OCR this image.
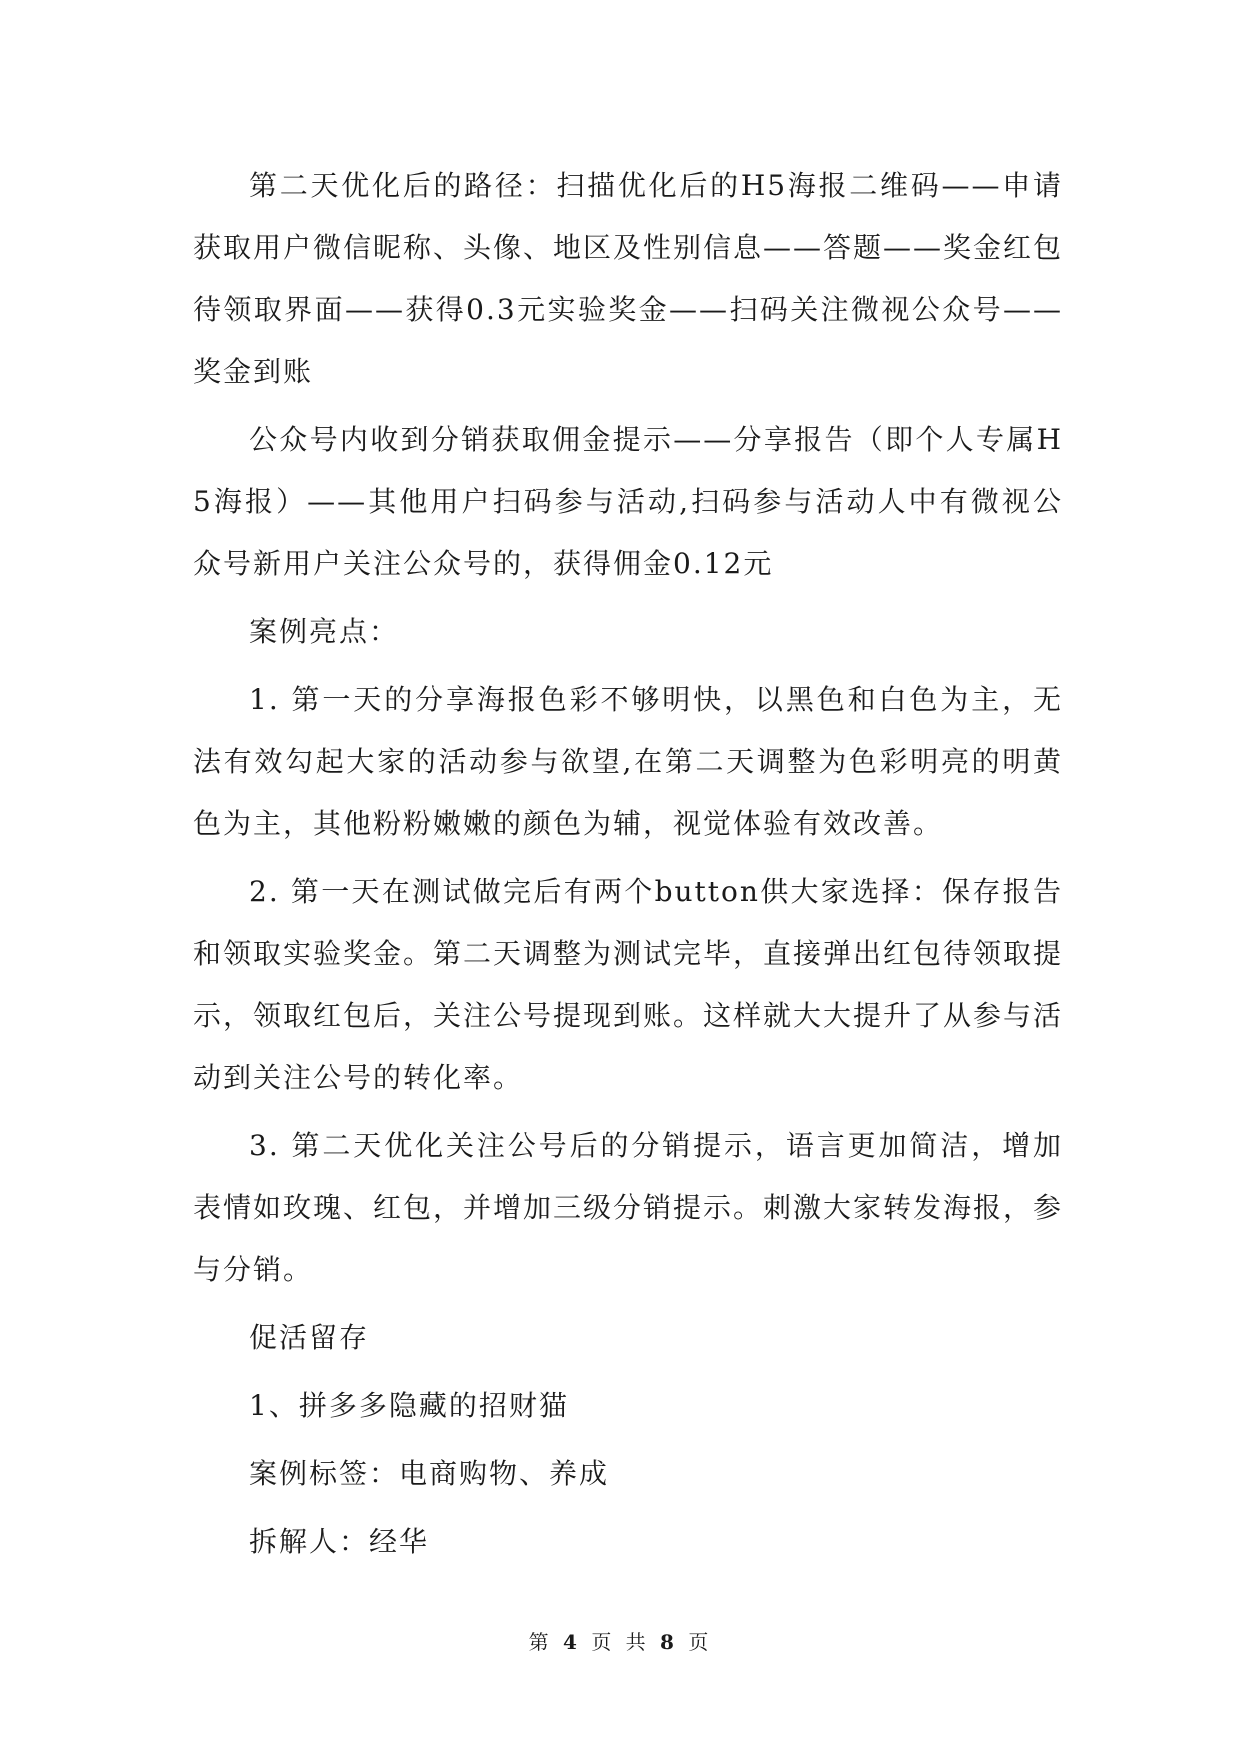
第二天优化后的路径：扫描优化后的H5海报二维码——申请获取用户微信昵称、头像、地区及性别信息——答题——奖金红包待领取界面——获得0.3元实验奖金——扫码关注微视公众号——奖金到账

公众号内收到分销获取佣金提示——分享报告（即个人专属H5海报）——其他用户扫码参与活动,扫码参与活动人中有微视公众号新用户关注公众号的，获得佣金0.12元

案例亮点：

1. 第一天的分享海报色彩不够明快，以黑色和白色为主，无法有效勾起大家的活动参与欲望,在第二天调整为色彩明亮的明黄色为主，其他粉粉嫩嫩的颜色为辅，视觉体验有效改善。

2. 第一天在测试做完后有两个button供大家选择：保存报告和领取实验奖金。第二天调整为测试完毕，直接弹出红包待领取提示，领取红包后，关注公号提现到账。这样就大大提升了从参与活动到关注公号的转化率。

3. 第二天优化关注公号后的分销提示，语言更加简洁，增加表情如玫瑰、红包，并增加三级分销提示。刺激大家转发海报，参与分销。

促活留存

1、拼多多隐藏的招财猫

案例标签：电商购物、养成

拆解人：经华

第 4 页 共 8 页
